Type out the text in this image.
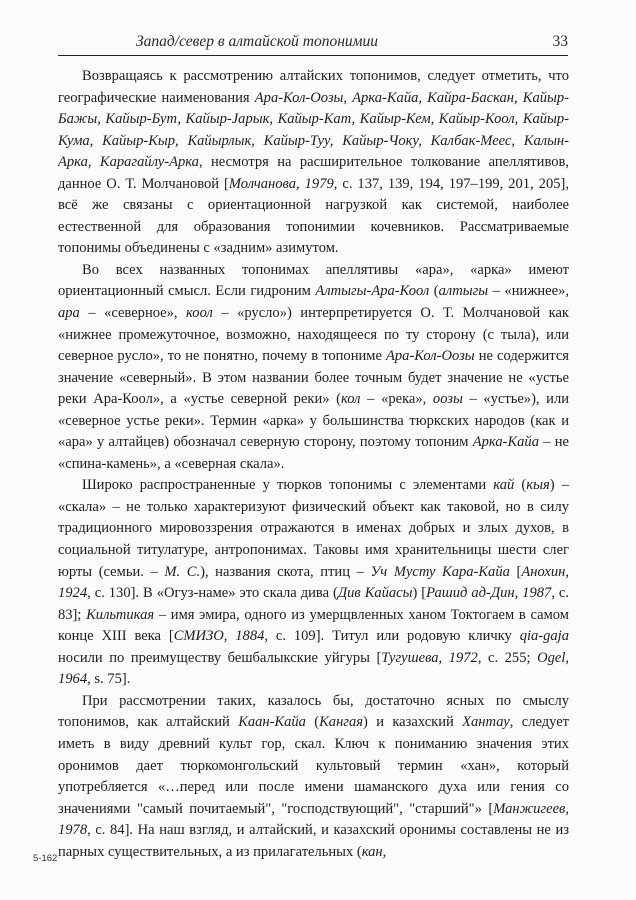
Запад/север в алтайской топонимии	33

Возвращаясь к рассмотрению алтайских топонимов, следует отметить, что географические наименования Ара-Кол-Оозы, Арка-Кайа, Кайра-Баскан, Кайыр-Бажы, Кайыр-Бут, Кайыр-Jарык, Кайыр-Кат, Кайыр-Кем, Кайыр-Коол, Кайыр-Кума, Кайыр-Кыр, Кайырлык, Кайыр-Туу, Кайыр-Чоку, Калбак-Меес, Калын-Арка, Карагайлу-Арка, несмотря на расширительное толкование апеллятивов, данное О. Т. Молчановой [Молчанова, 1979, с. 137, 139, 194, 197–199, 201, 205], всё же связаны с ориентационной нагрузкой как системой, наиболее естественной для образования топонимии кочевников. Рассматриваемые топонимы объединены с «задним» азимутом.

Во всех названных топонимах апеллятивы «ара», «арка» имеют ориентационный смысл. Если гидроним Алтыгы-Ара-Коол (алтыгы – «нижнее», ара – «северное», коол – «русло») интерпретируется О. Т. Молчановой как «нижнее промежуточное, возможно, находящееся по ту сторону (с тыла), или северное русло», то не понятно, почему в топониме Ара-Кол-Оозы не содержится значение «северный». В этом названии более точным будет значение не «устье реки Ара-Коол», а «устье северной реки» (кол – «река», оозы – «устье»), или «северное устье реки». Термин «арка» у большинства тюркских народов (как и «ара» у алтайцев) обозначал северную сторону, поэтому топоним Арка-Кайа – не «спина-камень», а «северная скала».

Широко распространенные у тюрков топонимы с элементами кай (кыя) – «скала» – не только характеризуют физический объект как таковой, но в силу традиционного мировоззрения отражаются в именах добрых и злых духов, в социальной титулатуре, антропонимах. Таковы имя хранительницы шести слег юрты (семьи. – М. С.), названия скота, птиц – Уч Мусту Кара-Кайа [Анохин, 1924, с. 130]. В «Огуз-наме» это скала дива (Див Кайасы) [Рашид ад-Дин, 1987, с. 83]; Кильтикая – имя эмира, одного из умерщвленных ханом Toктогаем в самом конце XIII века [СМИЗО, 1884, с. 109]. Титул или родовую кличку qia-gaja носили по преимуществу бешбалыкские уйгуры [Тугушева, 1972, с. 255; Ogel, 1964, s. 75].

При рассмотрении таких, казалось бы, достаточно ясных по смыслу топонимов, как алтайский Каан-Кайа (Кангая) и казахский Хантау, следует иметь в виду древний культ гор, скал. Ключ к пониманию значения этих оронимов дает тюркомонгольский культовый термин «хан», который употребляется «…перед или после имени шаманского духа или гения со значениями "самый почитаемый", "господствующий", "старший"» [Манжигеев, 1978, с. 84]. На наш взгляд, и алтайский, и казахский оронимы составлены не из парных существительных, а из прилагательных (кан,

5-162
